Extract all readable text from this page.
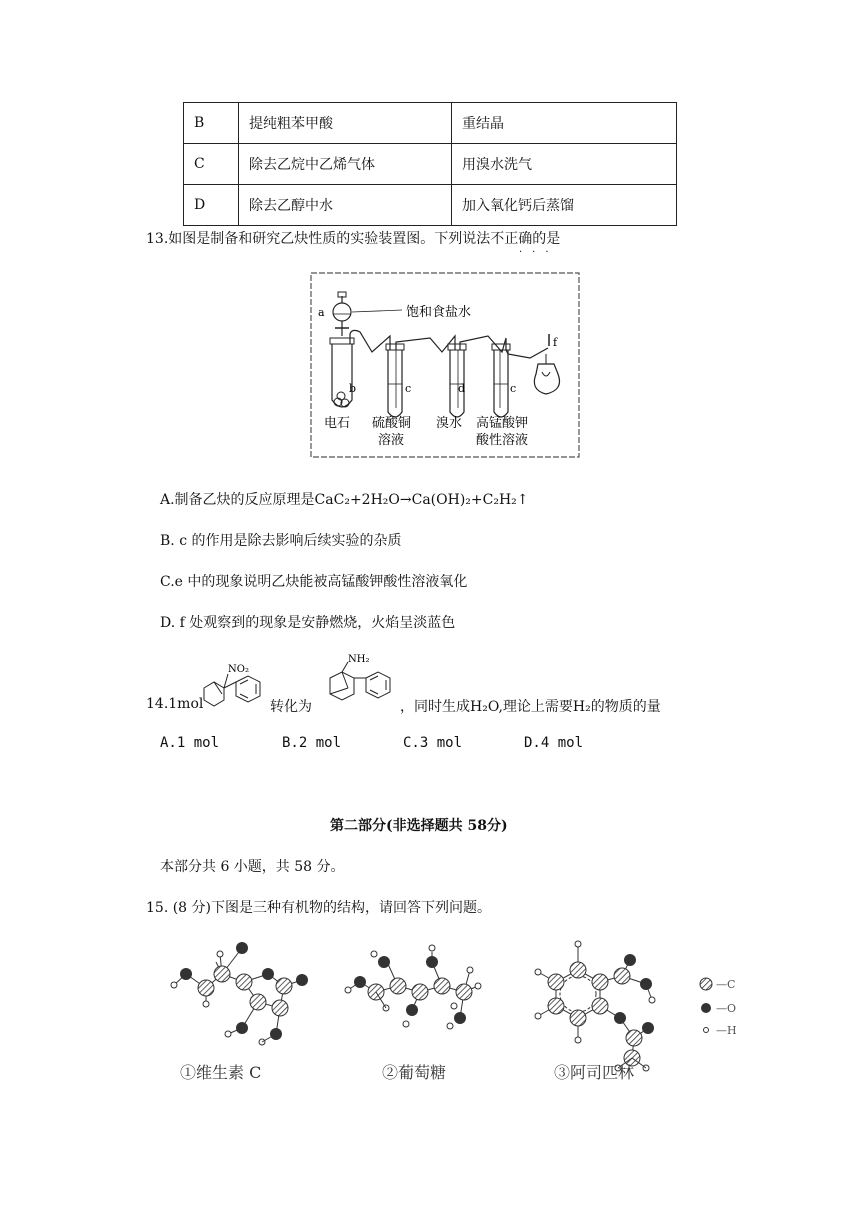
B	提纯粗苯甲酸	重结晶
C	除去乙烷中乙烯气体	用溴水洗气
D	除去乙醇中水	加入氧化钙后蒸馏
13.如图是制备和研究乙炔性质的实验装置图。下列说法不正确的是
·​·​·
饱和食盐水
a
b	c	d	c
f
电石 硫酸铜
溶液
溴水 高锰酸钾
酸性溶液
A.制备乙炔的反应原理是CaC₂+2H₂O→Ca(OH)₂+C₂H₂↑
B. c 的作用是除去影响后续实验的杂质
C.e 中的现象说明乙炔能被高锰酸钾酸性溶液氧化
D. f 处观察到的现象是安静燃烧，火焰呈淡蓝色
14.1mol
NO₂
转化为
NH₂
，同时生成H₂O,理论上需要H₂的物质的量
A.1 mol	B.2 mol	C.3 mol	D.4 mol
第二部分(非选择题共 58分)
本部分共 6 小题，共 58 分。
15. (8 分)下图是三种有机物的结构，请回答下列问题。
—C
—O
—H
①维生素 C	②葡萄糖	③阿司匹林
